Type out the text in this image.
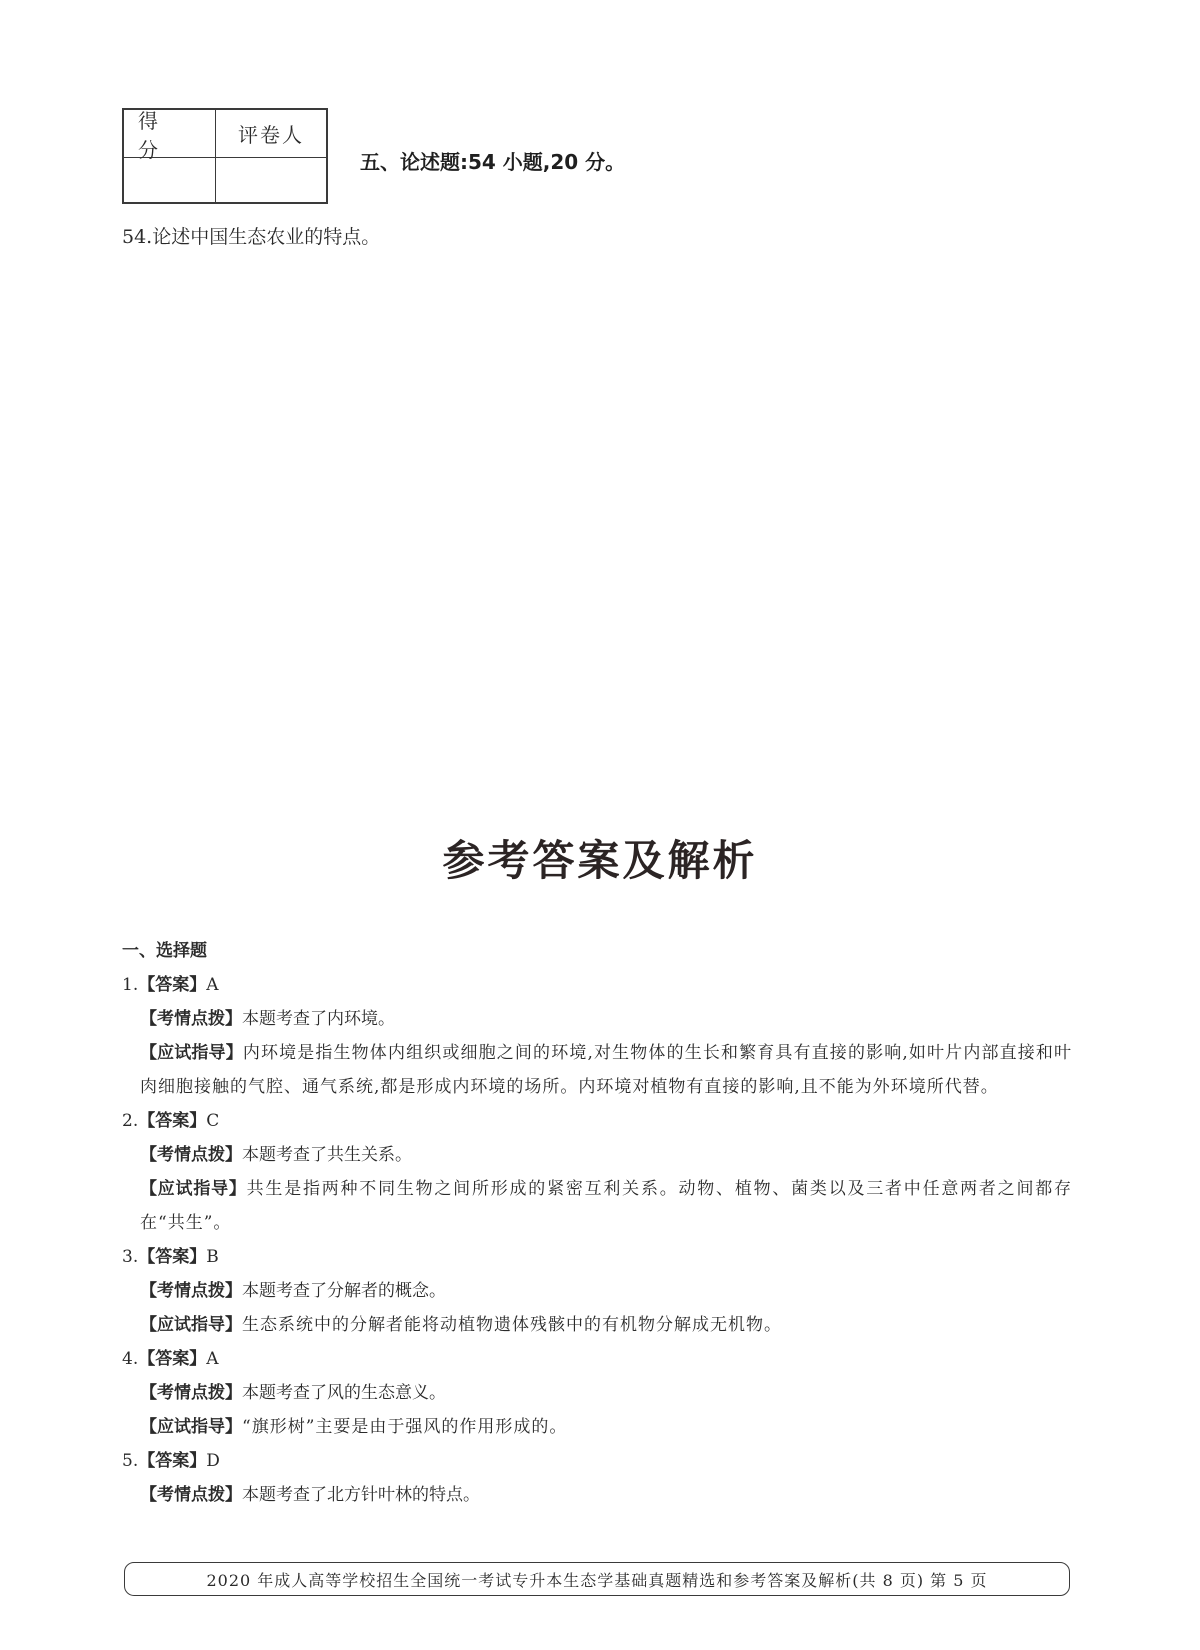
得 分
评卷人
五、论述题:54 小题,20 分。
54.论述中国生态农业的特点。
参考答案及解析
一、选择题
1.【答案】A
【考情点拨】本题考查了内环境。
【应试指导】内环境是指生物体内组织或细胞之间的环境,对生物体的生长和繁育具有直接的影响,如叶片内部直接和叶肉细胞接触的气腔、通气系统,都是形成内环境的场所。内环境对植物有直接的影响,且不能为外环境所代替。
2.【答案】C
【考情点拨】本题考查了共生关系。
【应试指导】共生是指两种不同生物之间所形成的紧密互利关系。动物、植物、菌类以及三者中任意两者之间都存在“共生”。
3.【答案】B
【考情点拨】本题考查了分解者的概念。
【应试指导】生态系统中的分解者能将动植物遗体残骸中的有机物分解成无机物。
4.【答案】A
【考情点拨】本题考查了风的生态意义。
【应试指导】“旗形树”主要是由于强风的作用形成的。
5.【答案】D
【考情点拨】本题考查了北方针叶林的特点。
2020 年成人高等学校招生全国统一考试专升本生态学基础真题精选和参考答案及解析(共 8 页) 第 5 页
